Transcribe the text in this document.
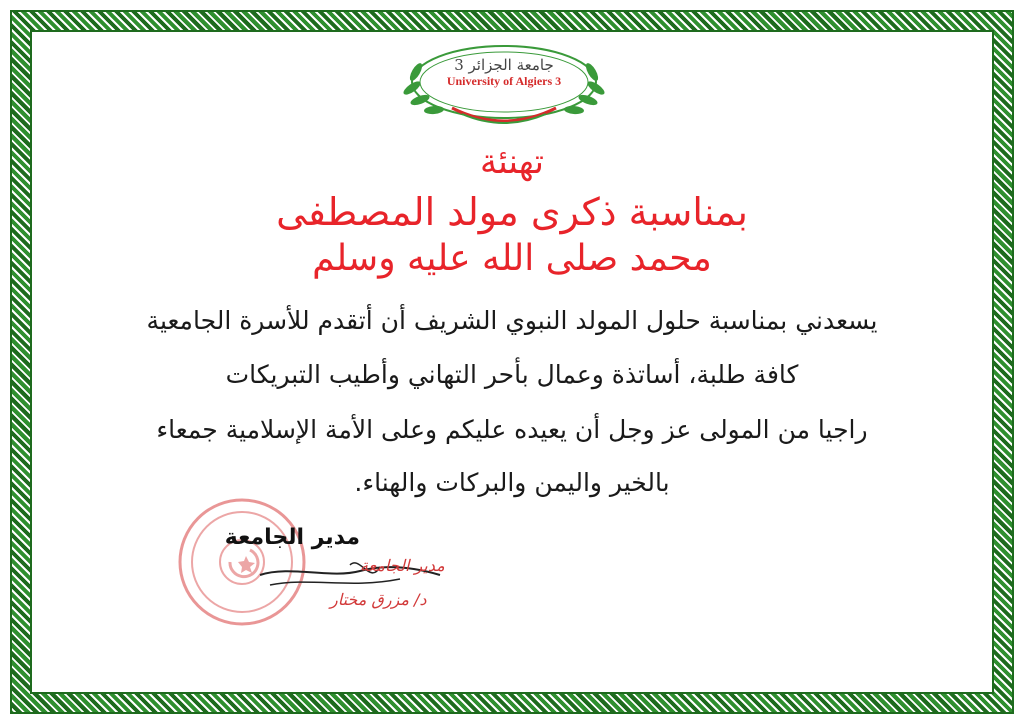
جامعة الجزائر 3
University of Algiers 3
تهنئة
بمناسبة ذكرى مولد المصطفى
محمد صلى الله عليه وسلم
يسعدني بمناسبة حلول المولد النبوي الشريف أن أتقدم للأسرة الجامعية
كافة طلبة، أساتذة وعمال بأحر التهاني وأطيب التبريكات
راجيا من المولى عز وجل أن يعيده عليكم وعلى الأمة الإسلامية جمعاء
بالخير واليمن والبركات والهناء.
مدير الجامعة
مدير الجامعة
د/ مزرق مختار
